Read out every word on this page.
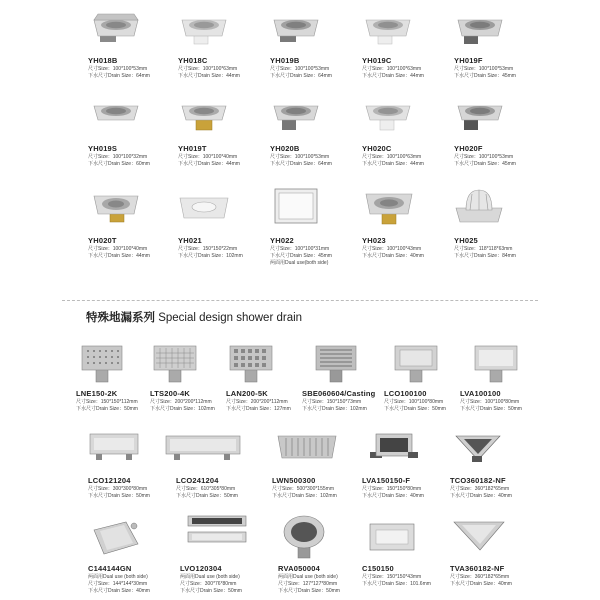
YH018B
尺寸Size：100*100*53mm
下水尺寸Drain Size：64mm
YH018C
尺寸Size：100*100*63mm
下水尺寸Drain Size：44mm
YH019B
尺寸Size：100*100*53mm
下水尺寸Drain Size：64mm
YH019C
尺寸Size：100*100*63mm
下水尺寸Drain Size：44mm
YH019F
尺寸Size：100*100*53mm
下水尺寸Drain Size：45mm
YH019S
尺寸Size：100*100*32mm
下水尺寸Drain Size：60mm
YH019T
尺寸Size：100*100*40mm
下水尺寸Drain Size：44mm
YH020B
尺寸Size：100*100*53mm
下水尺寸Drain Size：64mm
YH020C
尺寸Size：100*100*63mm
下水尺寸Drain Size：44mm
YH020F
尺寸Size：100*100*53mm
下水尺寸Drain Size：45mm
YH020T
尺寸Size：100*100*40mm
下水尺寸Drain Size：44mm
YH021
尺寸Size：150*150*22mm
下水尺寸Drain Size：102mm
YH022
尺寸Size：100*100*31mm
下水尺寸Drain Size：45mm
两面用Dual use(both side)
YH023
尺寸Size：100*100*43mm
下水尺寸Drain Size：40mm
YH025
尺寸Size：118*118*63mm
下水尺寸Drain Size：84mm
特殊地漏系列 Special design shower drain
LNE150-2K
尺寸Size：150*150*112mm
下水尺寸Drain Size：50mm
LTS200-4K
尺寸Size：200*200*112mm
下水尺寸Drain Size：102mm
LAN200-5K
尺寸Size：200*200*112mm
下水尺寸Drain Size：127mm
SBE060604/Casting
尺寸Size：150*150*73mm
下水尺寸Drain Size：102mm
LCO100100
尺寸Size：100*100*80mm
下水尺寸Drain Size：50mm
LVA100100
尺寸Size：100*100*80mm
下水尺寸Drain Size：50mm
LCO121204
尺寸Size：300*300*80mm
下水尺寸Drain Size：50mm
LCO241204
尺寸Size：610*305*80mm
下水尺寸Drain Size：50mm
LWN500300
尺寸Size：500*300*155mm
下水尺寸Drain Size：102mm
LVA150150-F
尺寸Size：150*150*80mm
下水尺寸Drain Size：40mm
TCO360182-NF
尺寸Size：360*182*65mm
下水尺寸Drain Size：40mm
C144144GN
两面用Dual use (both side)
尺寸Size：144*144*30mm
下水尺寸Drain Size：40mm
LVO120304
两面用Dual use (both side)
尺寸Size：300*76*80mm
下水尺寸Drain Size：50mm
RVA050004
两面用Dual use (both side)
尺寸Size：127*127*80mm
下水尺寸Drain Size：50mm
C150150
尺寸Size：150*150*43mm
下水尺寸Drain Size：101.6mm
TVA360182-NF
尺寸Size：360*182*65mm
下水尺寸Drain Size：40mm
